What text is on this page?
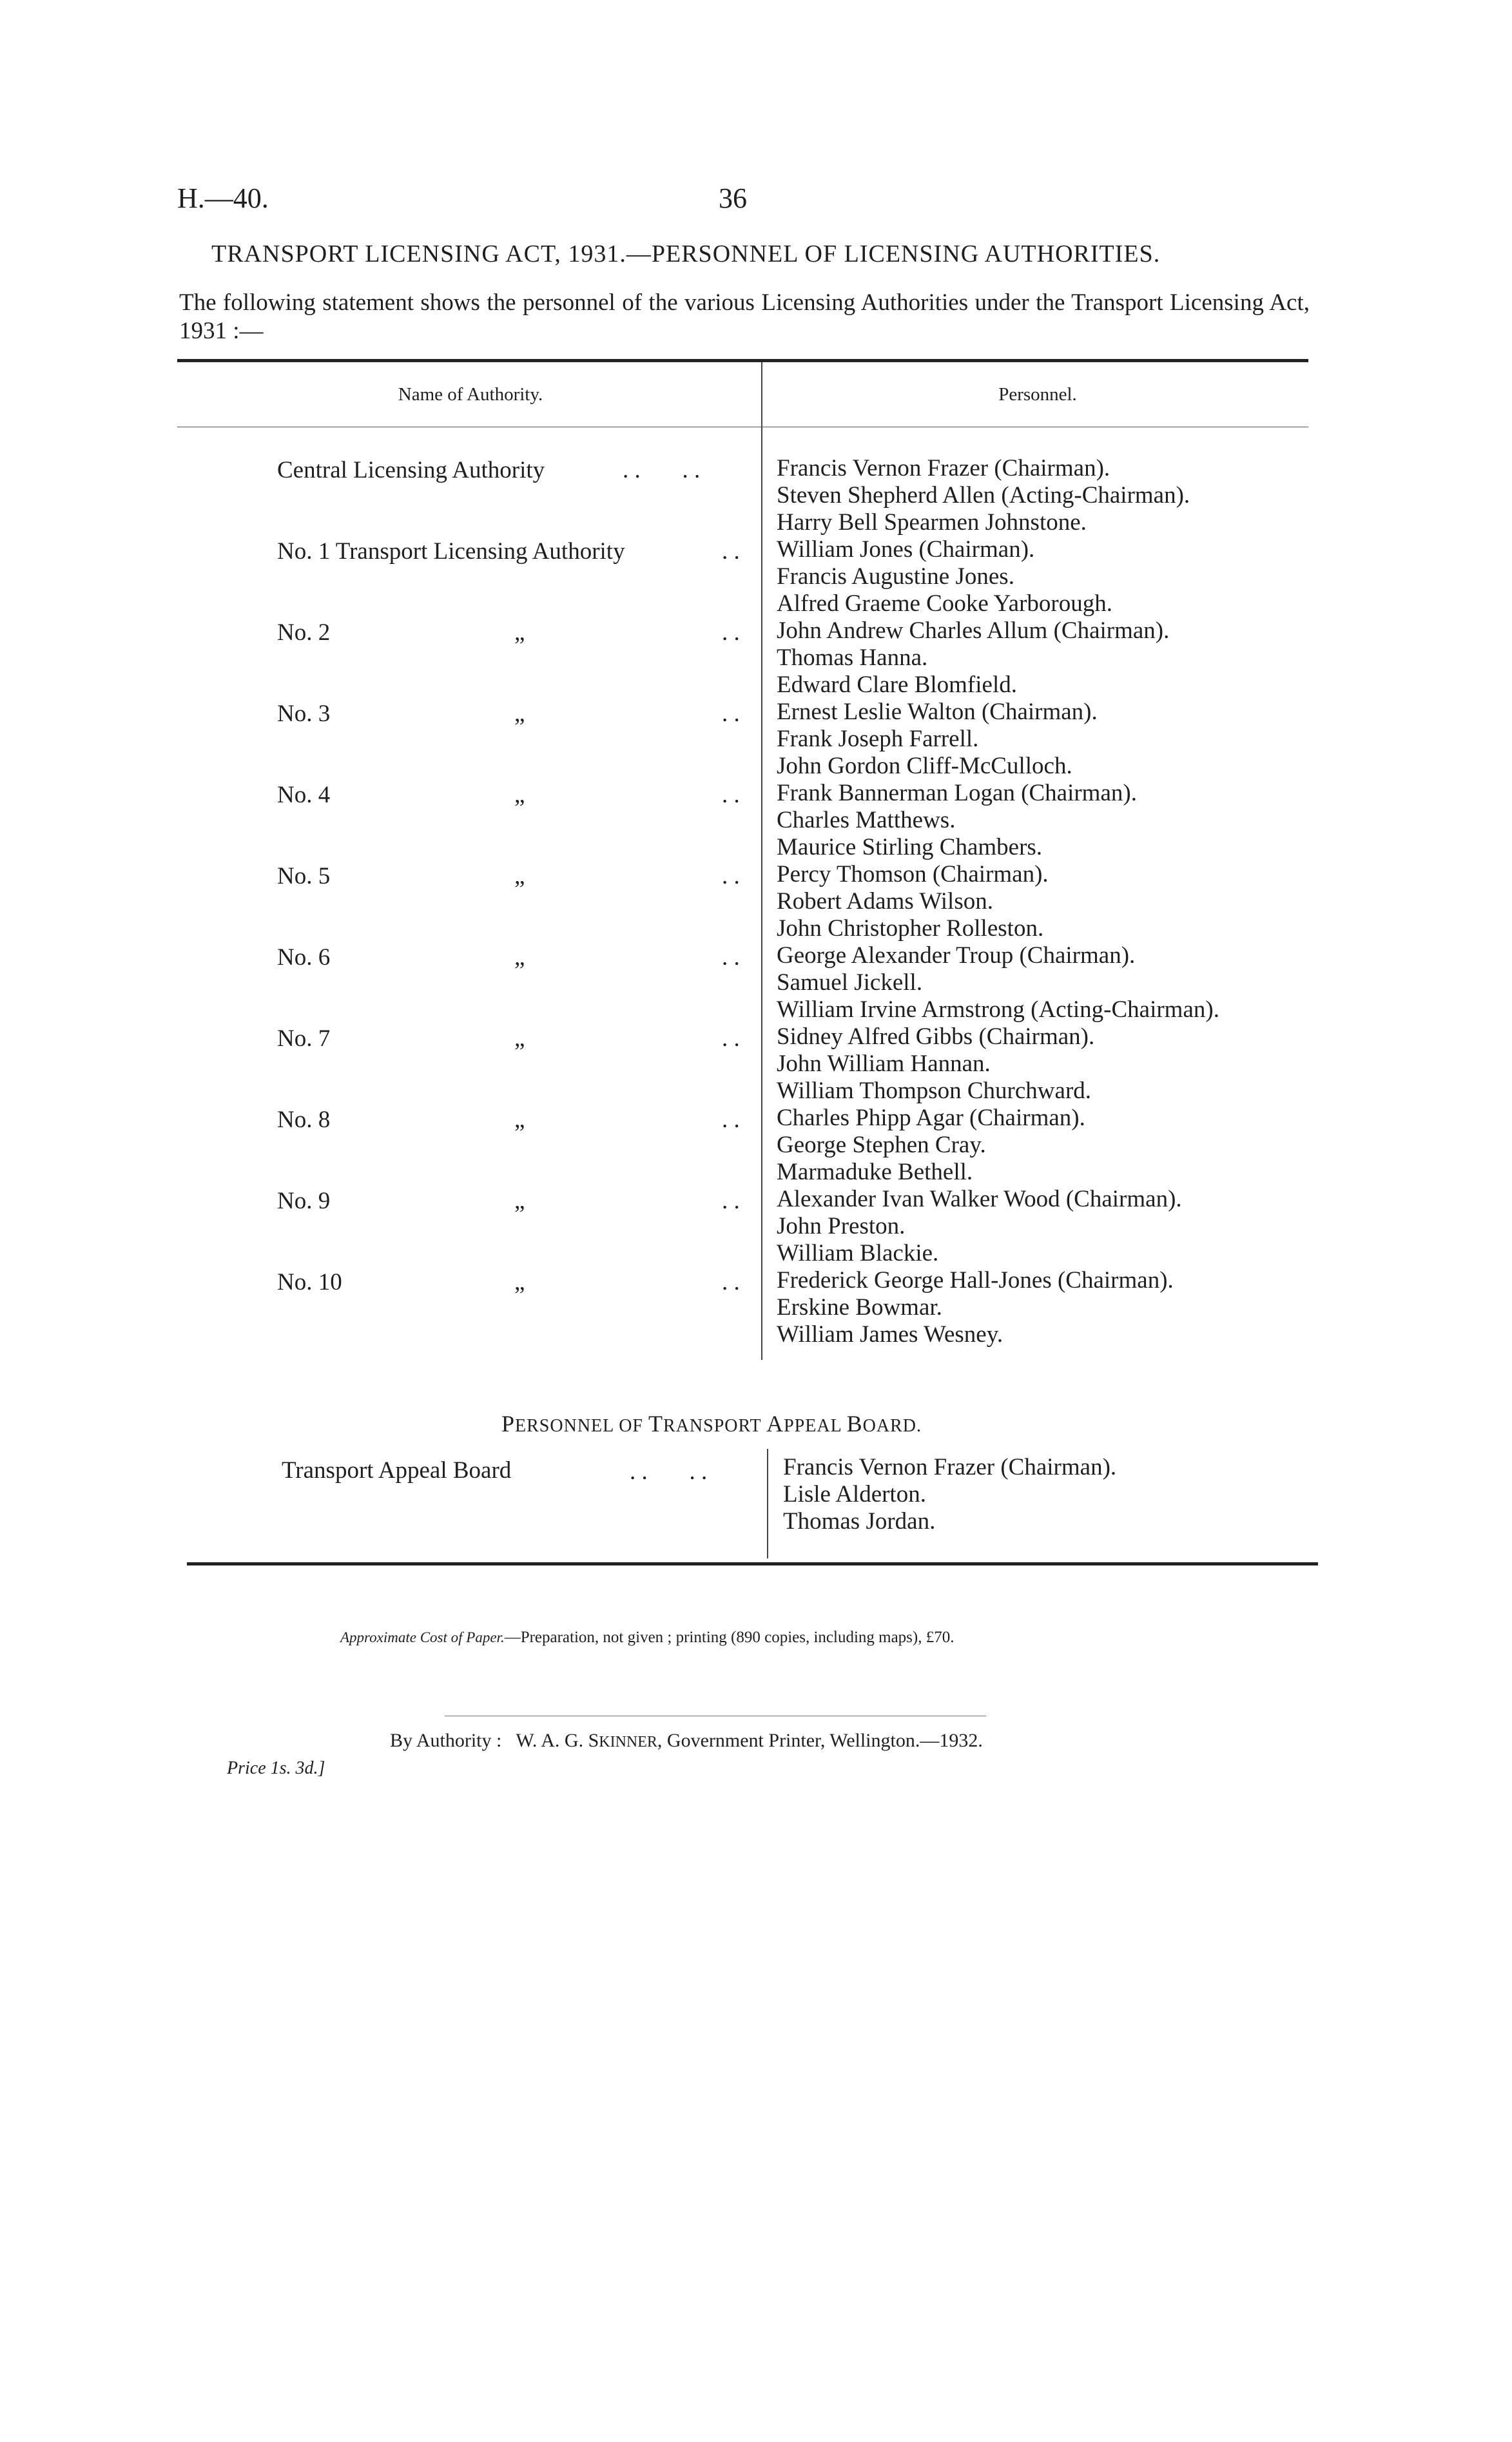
H.—40.	36
TRANSPORT LICENSING ACT, 1931.—PERSONNEL OF LICENSING AUTHORITIES.
The following statement shows the personnel of the various Licensing Authorities under the Transport Licensing Act, 1931 :—
Name of Authority.	Personnel.
Central Licensing Authority	. .       . .	Francis Vernon Frazer (Chairman).
Steven Shepherd Allen (Acting-Chairman).
Harry Bell Spearmen Johnstone.
No. 1 Transport Licensing Authority	. . William Jones (Chairman).
Francis Augustine Jones.
Alfred Graeme Cooke Yarborough.
No. 2	„	. . John Andrew Charles Allum (Chairman).
Thomas Hanna.
Edward Clare Blomfield.
No. 3	„	. . Ernest Leslie Walton (Chairman).
Frank Joseph Farrell.
John Gordon Cliff-McCulloch.
No. 4	„	. . Frank Bannerman Logan (Chairman).
Charles Matthews.
Maurice Stirling Chambers.
No. 5	„	. . Percy Thomson (Chairman).
Robert Adams Wilson.
John Christopher Rolleston.
No. 6	„	. . George Alexander Troup (Chairman).
Samuel Jickell.
William Irvine Armstrong (Acting-Chairman).
No. 7	„	. . Sidney Alfred Gibbs (Chairman).
John William Hannan.
William Thompson Churchward.
No. 8	„	. . Charles Phipp Agar (Chairman).
George Stephen Cray.
Marmaduke Bethell.
No. 9	„	. . Alexander Ivan Walker Wood (Chairman).
John Preston.
William Blackie.
No. 10	„	. . Frederick George Hall-Jones (Chairman).
Erskine Bowmar.
William James Wesney.
PERSONNEL OF TRANSPORT APPEAL BOARD.
Transport Appeal Board	. .       . .	Francis Vernon Frazer (Chairman).
Lisle Alderton.
Thomas Jordan.
Approximate Cost of Paper.—Preparation, not given ; printing (890 copies, including maps), £70.
By Authority : W. A. G. SKINNER, Government Printer, Wellington.—1932.
Price 1s. 3d.]
